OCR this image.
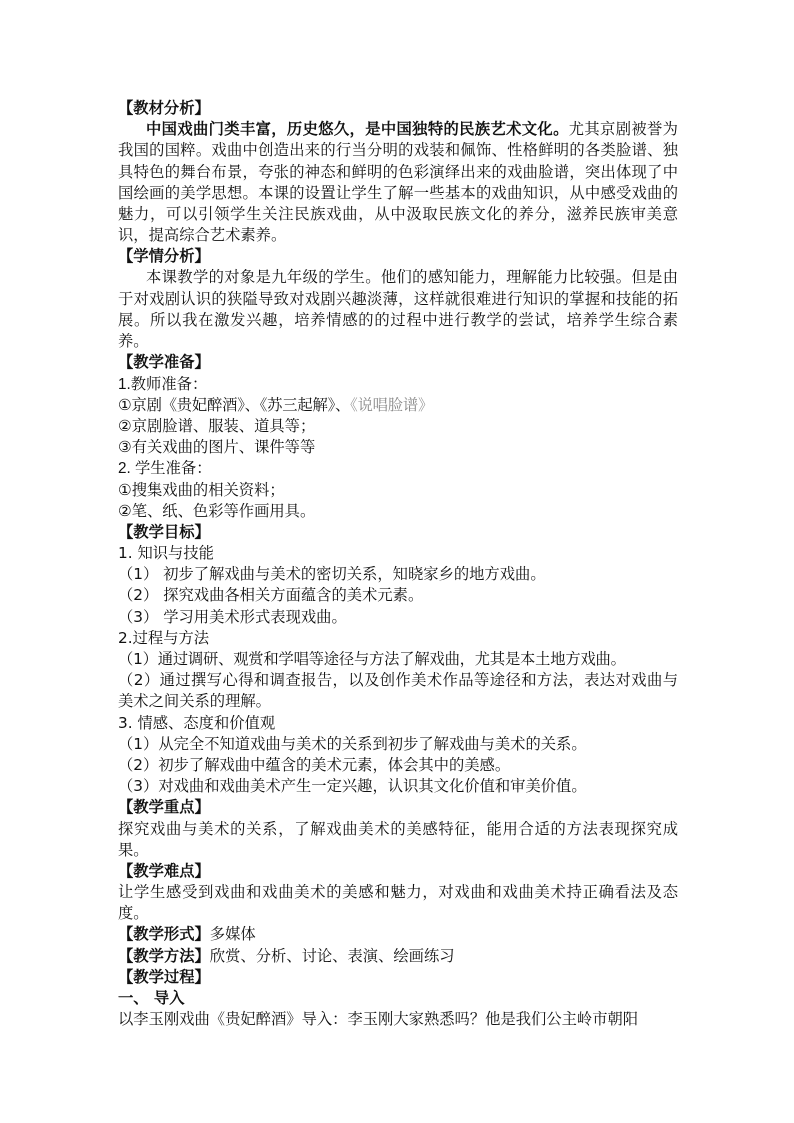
【教材分析】
中国戏曲门类丰富，历史悠久，是中国独特的民族艺术文化。尤其京剧被誉为我国的国粹。戏曲中创造出来的行当分明的戏装和佩饰、性格鲜明的各类脸谱、独具特色的舞台布景，夸张的神态和鲜明的色彩演绎出来的戏曲脸谱，突出体现了中国绘画的美学思想。本课的设置让学生了解一些基本的戏曲知识，从中感受戏曲的魅力，可以引领学生关注民族戏曲，从中汲取民族文化的养分，滋养民族审美意识，提高综合艺术素养。
【学情分析】
本课教学的对象是九年级的学生。他们的感知能力，理解能力比较强。但是由于对戏剧认识的狭隘导致对戏剧兴趣淡薄，这样就很难进行知识的掌握和技能的拓展。所以我在激发兴趣，培养情感的的过程中进行教学的尝试，培养学生综合素养。
【教学准备】
1.教师准备：
①京剧《贵妃醉酒》、《苏三起解》、《说唱脸谱》
②京剧脸谱、服装、道具等；
③有关戏曲的图片、课件等等
2. 学生准备：
①搜集戏曲的相关资料；
②笔、纸、色彩等作画用具。
【教学目标】
1. 知识与技能
（1） 初步了解戏曲与美术的密切关系，知晓家乡的地方戏曲。
（2） 探究戏曲各相关方面蕴含的美术元素。
（3） 学习用美术形式表现戏曲。
2.过程与方法
（1）通过调研、观赏和学唱等途径与方法了解戏曲，尤其是本土地方戏曲。
（2）通过撰写心得和调查报告，以及创作美术作品等途径和方法，表达对戏曲与美术之间关系的理解。
3. 情感、态度和价值观
（1）从完全不知道戏曲与美术的关系到初步了解戏曲与美术的关系。
（2）初步了解戏曲中蕴含的美术元素，体会其中的美感。
（3）对戏曲和戏曲美术产生一定兴趣，认识其文化价值和审美价值。
【教学重点】
探究戏曲与美术的关系，了解戏曲美术的美感特征，能用合适的方法表现探究成果。
【教学难点】
让学生感受到戏曲和戏曲美术的美感和魅力，对戏曲和戏曲美术持正确看法及态度。
【教学形式】多媒体
【教学方法】欣赏、分析、讨论、表演、绘画练习
【教学过程】
一、 导入
以李玉刚戏曲《贵妃醉酒》导入：李玉刚大家熟悉吗？他是我们公主岭市朝阳
